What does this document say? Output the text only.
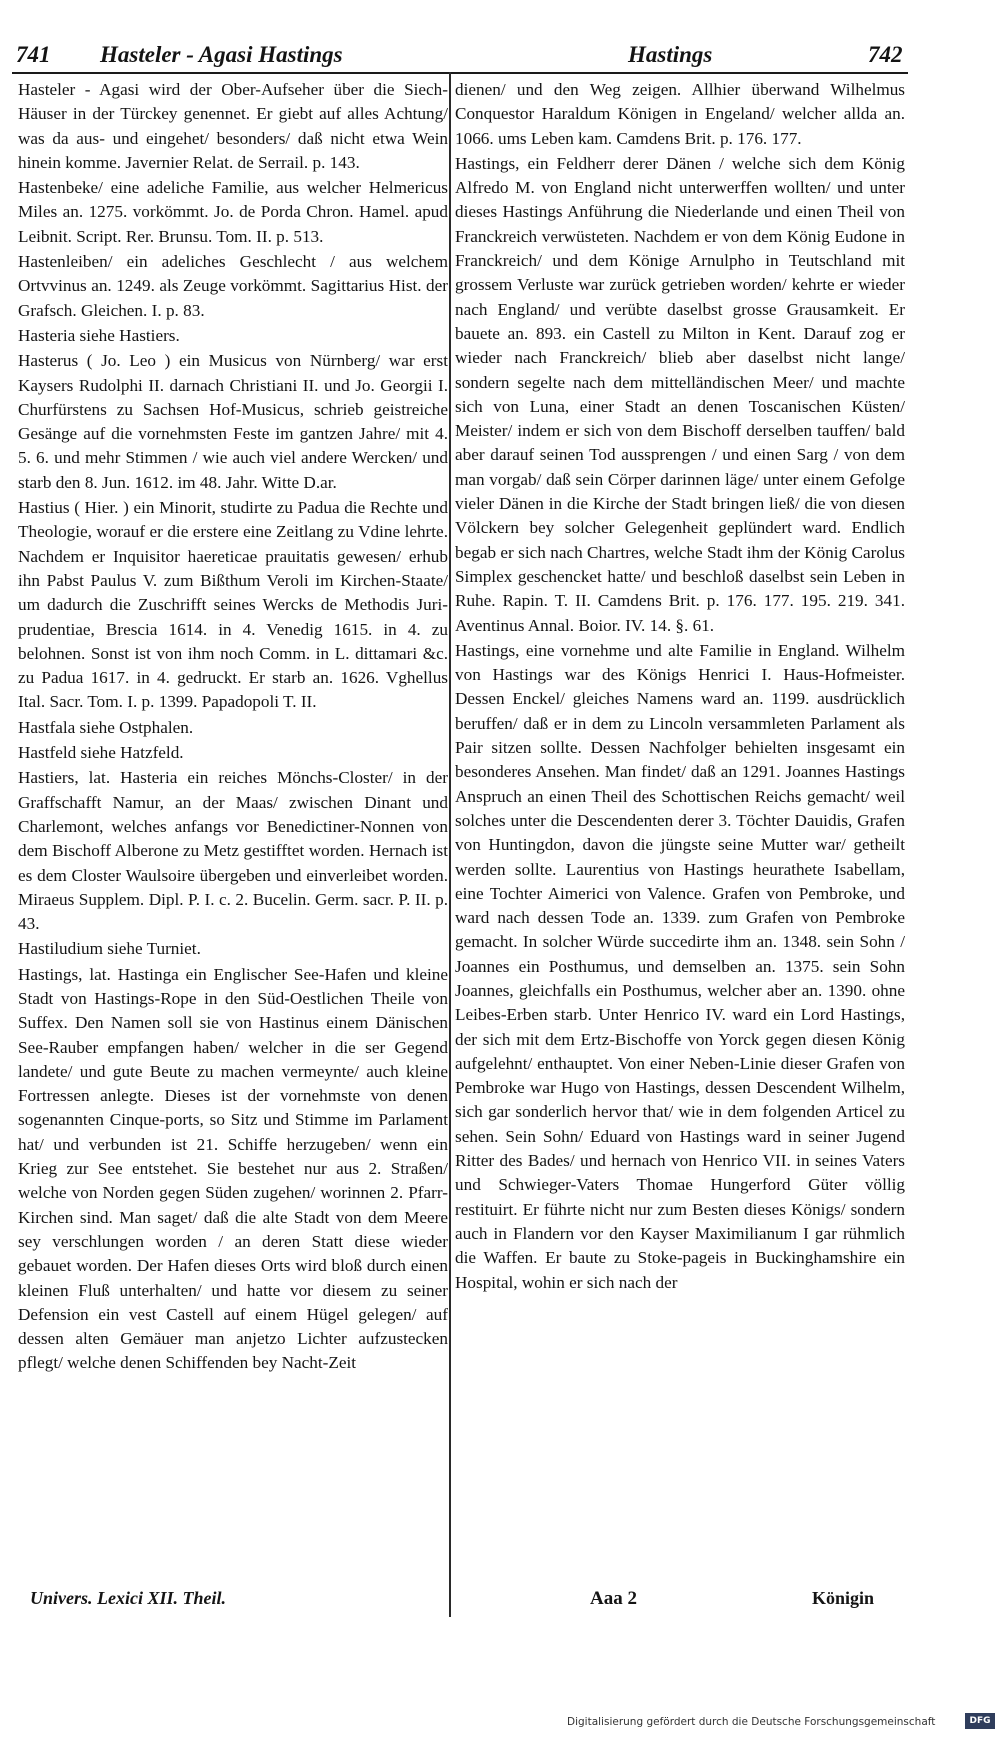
741 Hasteler - Agasi Hastings	Hastings	742

Hasteler - Agasi wird der Ober-Aufseher über die Siech-Häuser in der Türckey genennet. Er giebt auf alles Achtung/ was da aus- und eingehet/ besonders/ daß nicht etwa Wein hinein komme. Javernier Relat. de Serrail. p. 143.

Hastenbeke/ eine adeliche Familie, aus welcher Helmericus Miles an. 1275. vorkömmt. Jo. de Porda Chron. Hamel. apud Leibnit. Script. Rer. Brunsu. Tom. II. p. 513.

Hastenleiben/ ein adeliches Geschlecht / aus welchem Ortvvinus an. 1249. als Zeuge vorkömmt. Sagittarius Hist. der Grafsch. Gleichen. I. p. 83.

Hasteria siehe Hastiers.

Hasterus ( Jo. Leo ) ein Musicus von Nürnberg/ war erst Kaysers Rudolphi II. darnach Christiani II. und Jo. Georgii I. Churfürstens zu Sachsen Hof-Musicus, schrieb geistreiche Gesänge auf die vornehmsten Feste im gantzen Jahre/ mit 4. 5. 6. und mehr Stimmen / wie auch viel andere Wercken/ und starb den 8. Jun. 1612. im 48. Jahr. Witte D.ar.

Hastius ( Hier. ) ein Minorit, studirte zu Padua die Rechte und Theologie, worauf er die erstere eine Zeitlang zu Vdine lehrte. Nachdem er Inquisitor haereticae prauitatis gewesen/ erhub ihn Pabst Paulus V. zum Bißthum Veroli im Kirchen-Staate/ um dadurch die Zuschrifft seines Wercks de Methodis Juri-prudentiae, Brescia 1614. in 4. Venedig 1615. in 4. zu belohnen. Sonst ist von ihm noch Comm. in L. dittamari &c. zu Padua 1617. in 4. gedruckt. Er starb an. 1626. Vghellus Ital. Sacr. Tom. I. p. 1399. Papadopoli T. II.

Hastfala siehe Ostphalen.

Hastfeld siehe Hatzfeld.

Hastiers, lat. Hasteria ein reiches Mönchs-Closter/ in der Graffschafft Namur, an der Maas/ zwischen Dinant und Charlemont, welches anfangs vor Benedictiner-Nonnen von dem Bischoff Alberone zu Metz gestifftet worden. Hernach ist es dem Closter Waulsoire übergeben und einverleibet worden. Miraeus Supplem. Dipl. P. I. c. 2. Bucelin. Germ. sacr. P. II. p. 43.

Hastiludium siehe Turniet.

Hastings, lat. Hastinga ein Englischer See-Hafen und kleine Stadt von Hastings-Rope in den Süd-Oestlichen Theile von Suffex. Den Namen soll sie von Hastinus einem Dänischen See-Rauber empfangen haben/ welcher in die ser Gegend landete/ und gute Beute zu machen vermeynte/ auch kleine Fortressen anlegte. Dieses ist der vornehmste von denen sogenannten Cinque-ports, so Sitz und Stimme im Parlament hat/ und verbunden ist 21. Schiffe herzugeben/ wenn ein Krieg zur See entstehet. Sie bestehet nur aus 2. Straßen/ welche von Norden gegen Süden zugehen/ worinnen 2. Pfarr-Kirchen sind. Man saget/ daß die alte Stadt von dem Meere sey verschlungen worden / an deren Statt diese wieder gebauet worden. Der Hafen dieses Orts wird bloß durch einen kleinen Fluß unterhalten/ und hatte vor diesem zu seiner Defension ein vest Castell auf einem Hügel gelegen/ auf dessen alten Gemäuer man anjetzo Lichter aufzustecken pflegt/ welche denen Schiffenden bey Nacht-Zeit

dienen/ und den Weg zeigen. Allhier überwand Wilhelmus Conquestor Haraldum Königen in Engeland/ welcher allda an. 1066. ums Leben kam. Camdens Brit. p. 176. 177.

Hastings, ein Feldherr derer Dänen / welche sich dem König Alfredo M. von England nicht unterwerffen wollten/ und unter dieses Hastings Anführung die Niederlande und einen Theil von Franckreich verwüsteten. Nachdem er von dem König Eudone in Franckreich/ und dem Könige Arnulpho in Teutschland mit grossem Verluste war zurück getrieben worden/ kehrte er wieder nach England/ und verübte daselbst grosse Grausamkeit. Er bauete an. 893. ein Castell zu Milton in Kent. Darauf zog er wieder nach Franckreich/ blieb aber daselbst nicht lange/ sondern segelte nach dem mittelländischen Meer/ und machte sich von Luna, einer Stadt an denen Toscanischen Küsten/ Meister/ indem er sich von dem Bischoff derselben tauffen/ bald aber darauf seinen Tod aussprengen / und einen Sarg / von dem man vorgab/ daß sein Cörper darinnen läge/ unter einem Gefolge vieler Dänen in die Kirche der Stadt bringen ließ/ die von diesen Völckern bey solcher Gelegenheit geplündert ward. Endlich begab er sich nach Chartres, welche Stadt ihm der König Carolus Simplex geschencket hatte/ und beschloß daselbst sein Leben in Ruhe. Rapin. T. II. Camdens Brit. p. 176. 177. 195. 219. 341. Aventinus Annal. Boior. IV. 14. §. 61.

Hastings, eine vornehme und alte Familie in England. Wilhelm von Hastings war des Königs Henrici I. Haus-Hofmeister. Dessen Enckel/ gleiches Namens ward an. 1199. ausdrücklich beruffen/ daß er in dem zu Lincoln versammleten Parlament als Pair sitzen sollte. Dessen Nachfolger behielten insgesamt ein besonderes Ansehen. Man findet/ daß an 1291. Joannes Hastings Anspruch an einen Theil des Schottischen Reichs gemacht/ weil solches unter die Descendenten derer 3. Töchter Dauidis, Grafen von Huntingdon, davon die jüngste seine Mutter war/ getheilt werden sollte. Laurentius von Hastings heurathete Isabellam, eine Tochter Aimerici von Valence. Grafen von Pembroke, und ward nach dessen Tode an. 1339. zum Grafen von Pembroke gemacht. In solcher Würde succedirte ihm an. 1348. sein Sohn / Joannes ein Posthumus, und demselben an. 1375. sein Sohn Joannes, gleichfalls ein Posthumus, welcher aber an. 1390. ohne Leibes-Erben starb. Unter Henrico IV. ward ein Lord Hastings, der sich mit dem Ertz-Bischoffe von Yorck gegen diesen König aufgelehnt/ enthauptet. Von einer Neben-Linie dieser Grafen von Pembroke war Hugo von Hastings, dessen Descendent Wilhelm, sich gar sonderlich hervor that/ wie in dem folgenden Articel zu sehen. Sein Sohn/ Eduard von Hastings ward in seiner Jugend Ritter des Bades/ und hernach von Henrico VII. in seines Vaters und Schwieger-Vaters Thomae Hungerford Güter völlig restituirt. Er führte nicht nur zum Besten dieses Königs/ sondern auch in Flandern vor den Kayser Maximilianum I gar rühmlich die Waffen. Er baute zu Stoke-pageis in Buckinghamshire ein Hospital, wohin er sich nach der

Univers. Lexici XII. Theil.	Aaa 2	Königin
Digitalisierung gefördert durch die Deutsche Forschungsgemeinschaft	DFG
